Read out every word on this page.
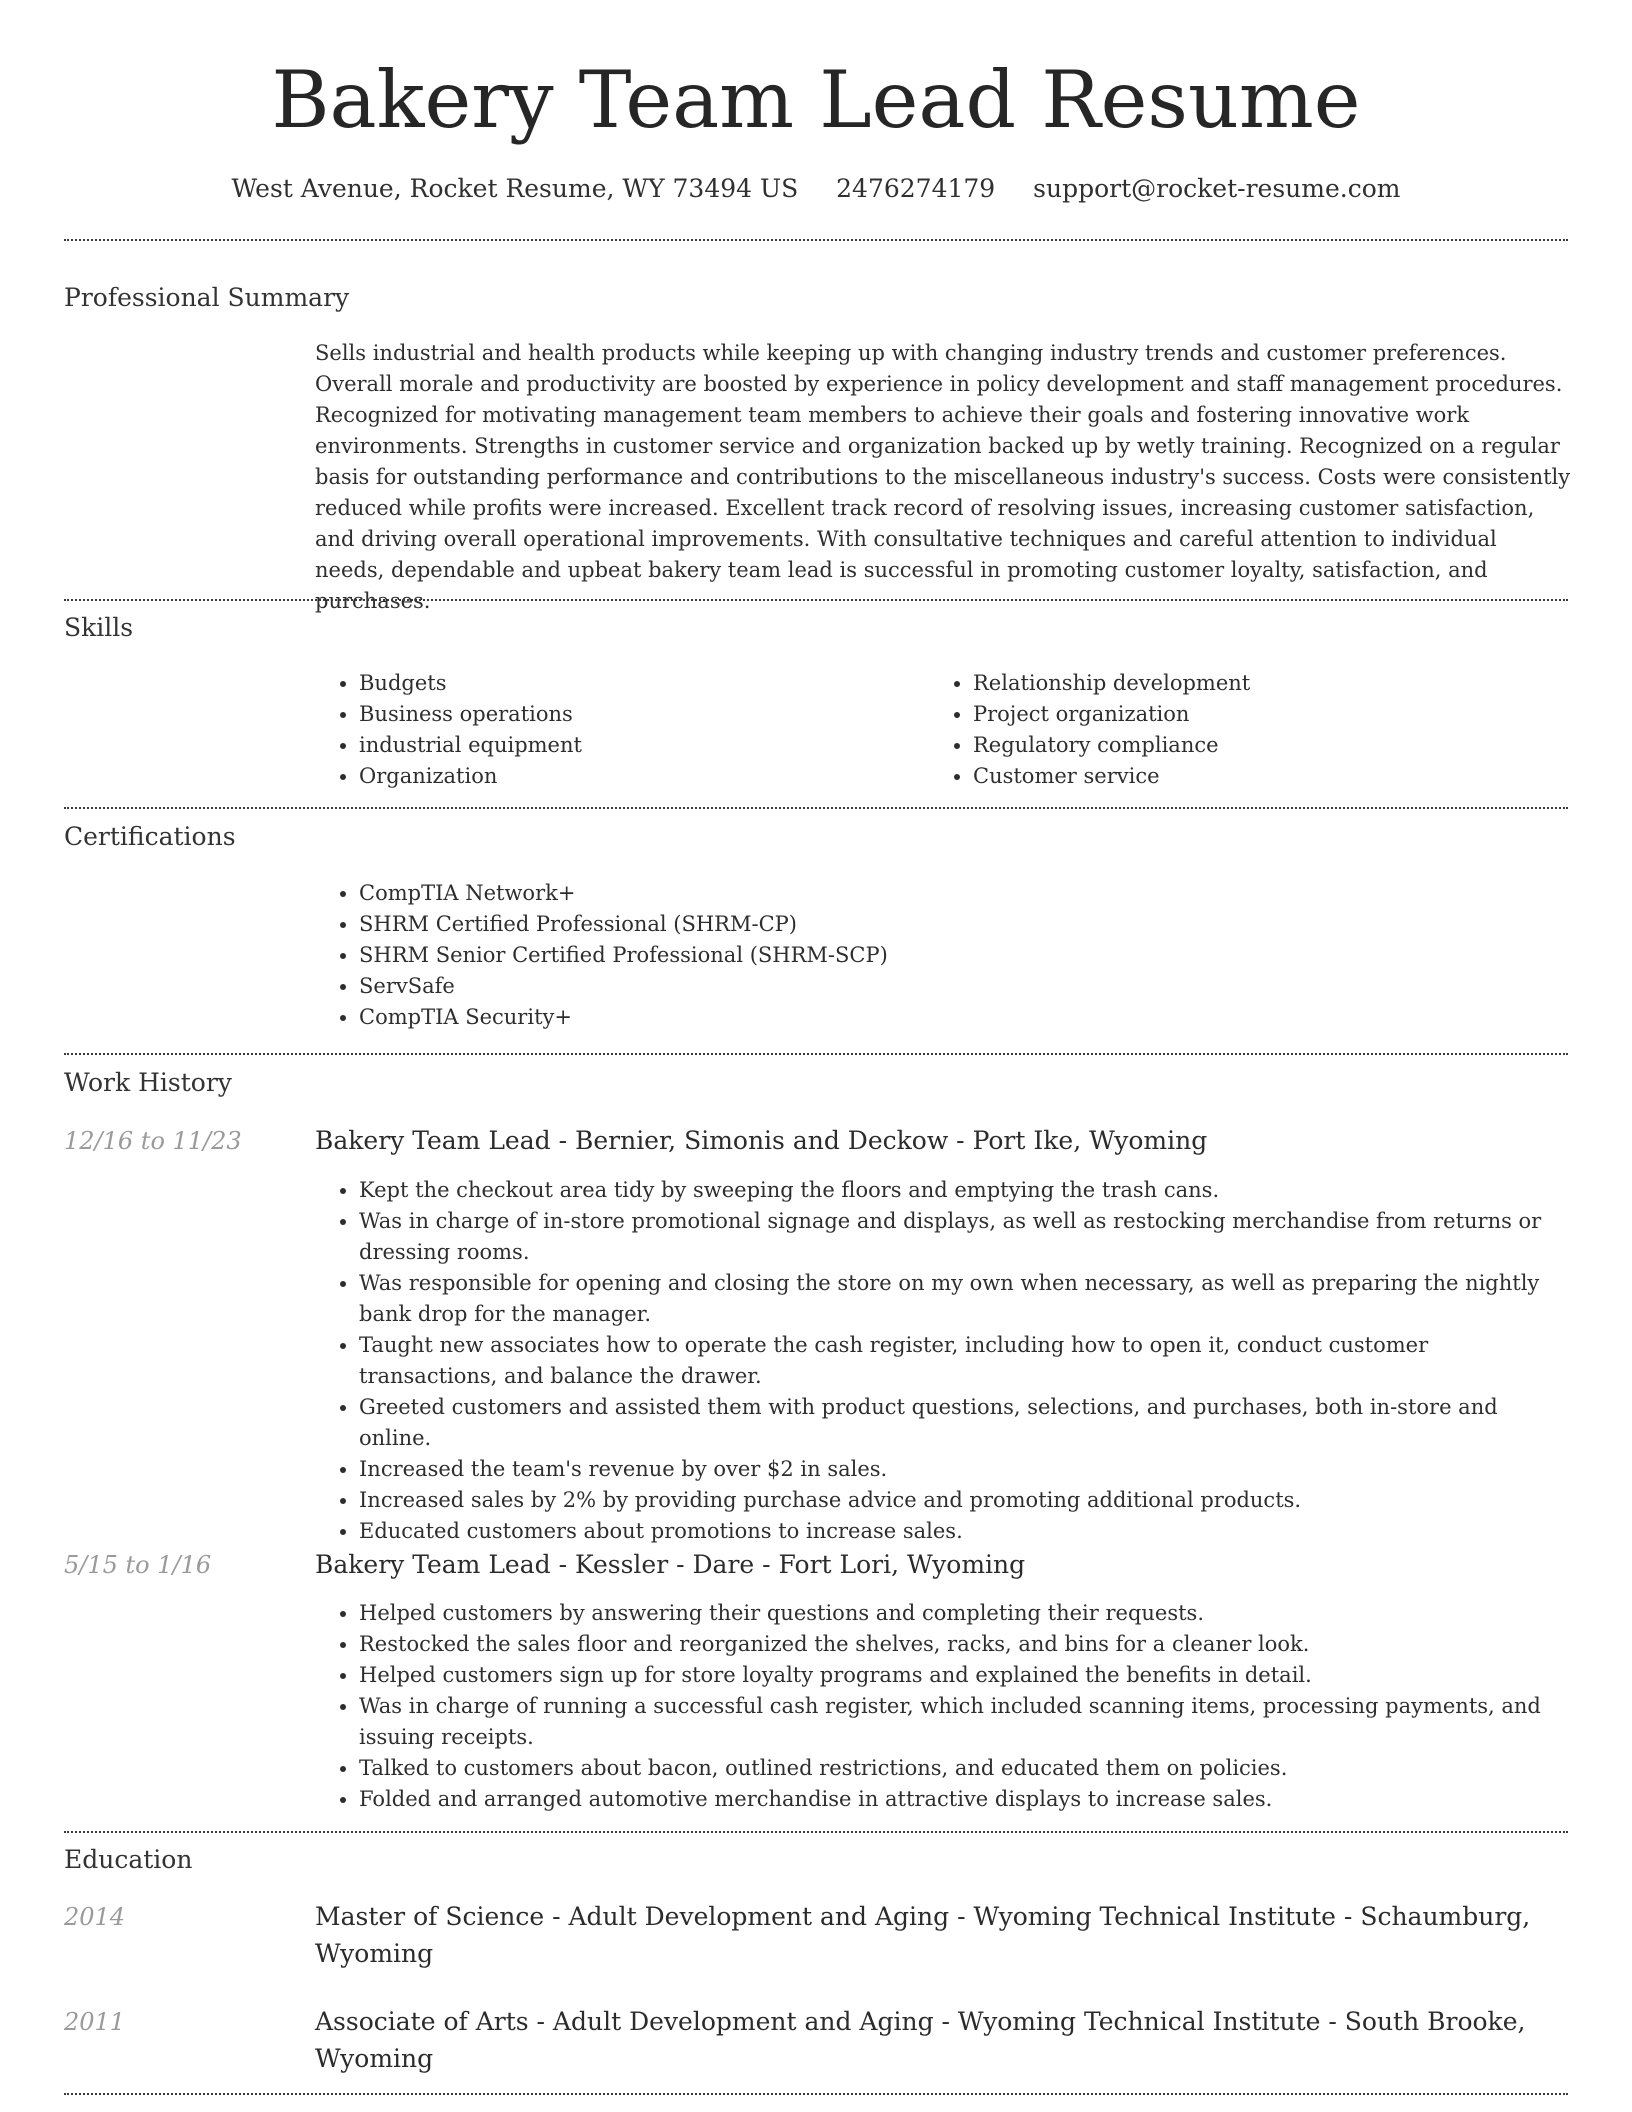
Bakery Team Lead Resume
West Avenue, Rocket Resume, WY 73494 US 2476274179 support@rocket-resume.com
Professional Summary
Sells industrial and health products while keeping up with changing industry trends and customer preferences. Overall morale and productivity are boosted by experience in policy development and staff management procedures. Recognized for motivating management team members to achieve their goals and fostering innovative work environments. Strengths in customer service and organization backed up by wetly training. Recognized on a regular basis for outstanding performance and contributions to the miscellaneous industry's success. Costs were consistently reduced while profits were increased. Excellent track record of resolving issues, increasing customer satisfaction, and driving overall operational improvements. With consultative techniques and careful attention to individual needs, dependable and upbeat bakery team lead is successful in promoting customer loyalty, satisfaction, and purchases.
Skills
• Budgets
• Business operations
• industrial equipment
• Organization
• Relationship development
• Project organization
• Regulatory compliance
• Customer service
Certifications
• CompTIA Network+
• SHRM Certified Professional (SHRM-CP)
• SHRM Senior Certified Professional (SHRM-SCP)
• ServSafe
• CompTIA Security+
Work History
12/16 to 11/23	Bakery Team Lead - Bernier, Simonis and Deckow - Port Ike, Wyoming
• Kept the checkout area tidy by sweeping the floors and emptying the trash cans.
• Was in charge of in-store promotional signage and displays, as well as restocking merchandise from returns or dressing rooms.
• Was responsible for opening and closing the store on my own when necessary, as well as preparing the nightly bank drop for the manager.
• Taught new associates how to operate the cash register, including how to open it, conduct customer transactions, and balance the drawer.
• Greeted customers and assisted them with product questions, selections, and purchases, both in-store and online.
• Increased the team's revenue by over $2 in sales.
• Increased sales by 2% by providing purchase advice and promoting additional products.
• Educated customers about promotions to increase sales.
5/15 to 1/16	Bakery Team Lead - Kessler - Dare - Fort Lori, Wyoming
• Helped customers by answering their questions and completing their requests.
• Restocked the sales floor and reorganized the shelves, racks, and bins for a cleaner look.
• Helped customers sign up for store loyalty programs and explained the benefits in detail.
• Was in charge of running a successful cash register, which included scanning items, processing payments, and issuing receipts.
• Talked to customers about bacon, outlined restrictions, and educated them on policies.
• Folded and arranged automotive merchandise in attractive displays to increase sales.
Education
2014	Master of Science - Adult Development and Aging - Wyoming Technical Institute - Schaumburg, Wyoming
2011	Associate of Arts - Adult Development and Aging - Wyoming Technical Institute - South Brooke, Wyoming
